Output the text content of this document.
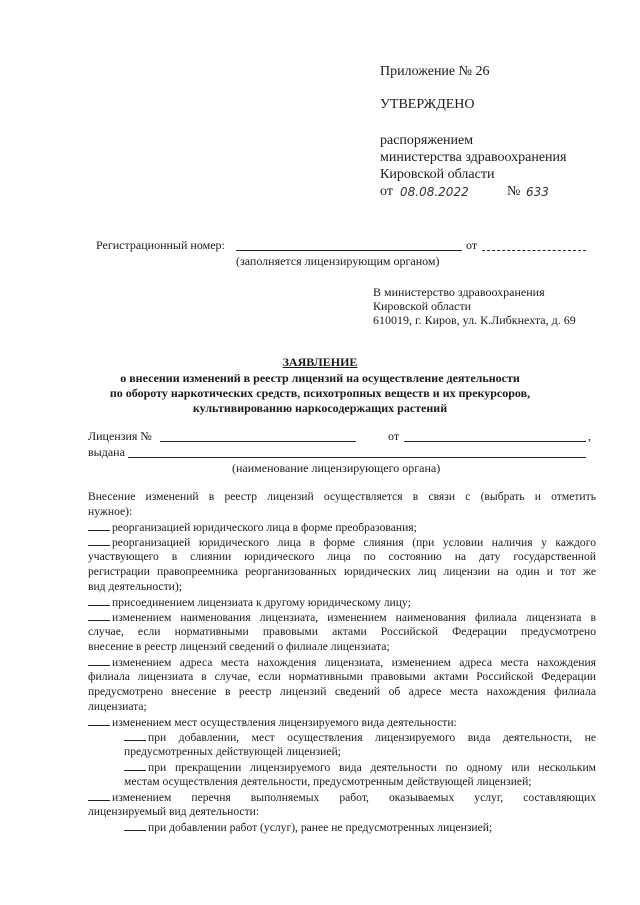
Приложение № 26
УТВЕРЖДЕНО
распоряжением
министерства здравоохранения
Кировской области
от 08.08.2022	№ 633
Регистрационный номер:	от
(заполняется лицензирующим органом)
В министерство здравоохранения
Кировской области
610019, г. Киров, ул. К.Либкнехта, д. 69
ЗАЯВЛЕНИЕ
о внесении изменений в реестр лицензий на осуществление деятельности
по обороту наркотических средств, психотропных веществ и их прекурсоров,
культивированию наркосодержащих растений
Лицензия №	от	,
выдана
(наименование лицензирующего органа)
Внесение изменений в реестр лицензий осуществляется в связи с (выбрать и отметить
нужное):
реорганизацией юридического лица в форме преобразования;
реорганизацией юридического лица в форме слияния (при условии наличия у каждого
участвующего в слиянии юридического лица по состоянию на дату государственной
регистрации правопреемника реорганизованных юридических лиц лицензии на один и тот же
вид деятельности);
присоединением лицензиата к другому юридическому лицу;
изменением наименования лицензиата, изменением наименования филиала лицензиата в
случае, если нормативными правовыми актами Российской Федерации предусмотрено
внесение в реестр лицензий сведений о филиале лицензиата;
изменением адреса места нахождения лицензиата, изменением адреса места нахождения
филиала лицензиата в случае, если нормативными правовыми актами Российской Федерации
предусмотрено внесение в реестр лицензий сведений об адресе места нахождения филиала
лицензиата;
изменением мест осуществления лицензируемого вида деятельности:
при добавлении, мест осуществления лицензируемого вида деятельности, не
предусмотренных действующей лицензией;
при прекращении лицензируемого вида деятельности по одному или нескольким
местам осуществления деятельности, предусмотренным действующей лицензией;
изменением перечня выполняемых работ, оказываемых услуг, составляющих
лицензируемый вид деятельности:
при добавлении работ (услуг), ранее не предусмотренных лицензией;
